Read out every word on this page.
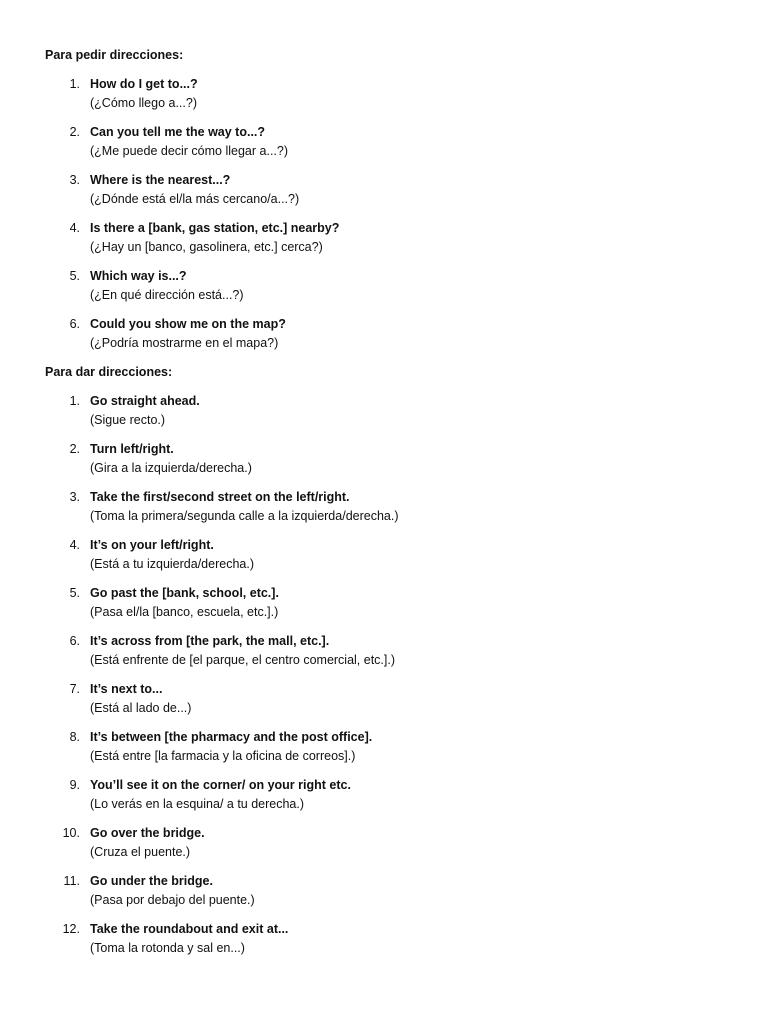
Para pedir direcciones:
1. How do I get to...?
(¿Cómo llego a...?)
2. Can you tell me the way to...?
(¿Me puede decir cómo llegar a...?)
3. Where is the nearest...?
(¿Dónde está el/la más cercano/a...?)
4. Is there a [bank, gas station, etc.] nearby?
(¿Hay un [banco, gasolinera, etc.] cerca?)
5. Which way is...?
(¿En qué dirección está...?)
6. Could you show me on the map?
(¿Podría mostrarme en el mapa?)
Para dar direcciones:
1. Go straight ahead.
(Sigue recto.)
2. Turn left/right.
(Gira a la izquierda/derecha.)
3. Take the first/second street on the left/right.
(Toma la primera/segunda calle a la izquierda/derecha.)
4. It’s on your left/right.
(Está a tu izquierda/derecha.)
5. Go past the [bank, school, etc.].
(Pasa el/la [banco, escuela, etc.].)
6. It’s across from [the park, the mall, etc.].
(Está enfrente de [el parque, el centro comercial, etc.].)
7. It’s next to...
(Está al lado de...)
8. It’s between [the pharmacy and the post office].
(Está entre [la farmacia y la oficina de correos].)
9. You’ll see it on the corner/ on your right etc.
(Lo verás en la esquina/ a tu derecha.)
10. Go over the bridge.
(Cruza el puente.)
11. Go under the bridge.
(Pasa por debajo del puente.)
12. Take the roundabout and exit at...
(Toma la rotonda y sal en...)
